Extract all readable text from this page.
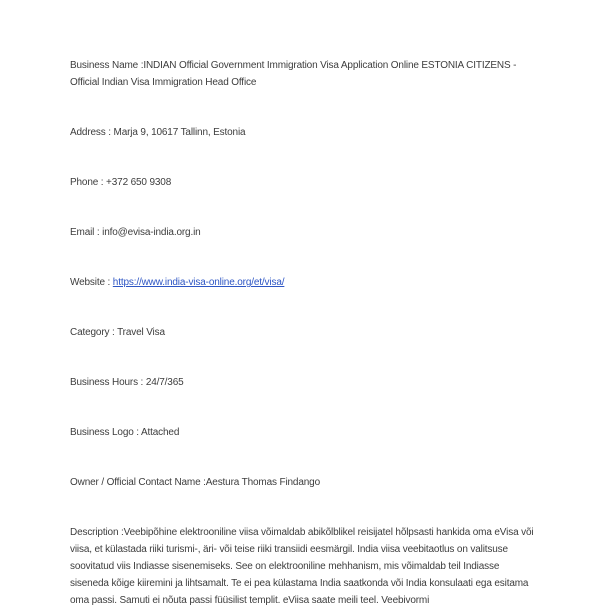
Business Name :INDIAN Official Government Immigration Visa Application Online ESTONIA CITIZENS - Official Indian Visa Immigration Head Office

Address : Marja 9, 10617 Tallinn, Estonia

Phone : +372 650 9308

Email : info@evisa-india.org.in

Website : https://www.india-visa-online.org/et/visa/

Category : Travel Visa

Business Hours : 24/7/365

Business Logo : Attached

Owner / Official Contact Name :Aestura Thomas Findango

Description :Veebipõhine elektrooniline viisa võimaldab abikõlblikel reisijatel hõlpsasti hankida oma eVisa või viisa, et külastada riiki turismi-, äri- või teise riiki transiidi eesmärgil. India viisa veebitaotlus on valitsuse soovitatud viis Indiasse sisenemiseks. See on elektrooniline mehhanism, mis võimaldab teil Indiasse siseneda kõige kiiremini ja lihtsamalt. Te ei pea külastama India saatkonda või India konsulaati ega esitama oma passi. Samuti ei nõuta passi füüsilist templit. eViisa saate meili teel. Veebivormi
